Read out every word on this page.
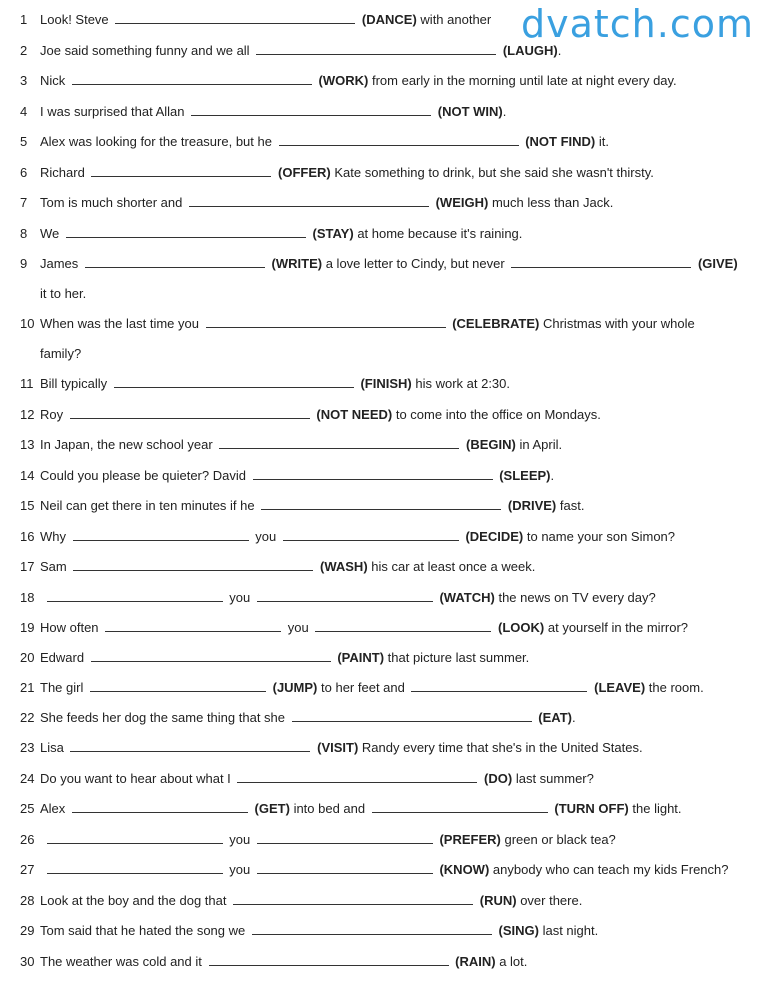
dvatch.com
1 Look! Steve	(DANCE) with another
2 Joe said something funny and we all	(LAUGH).
3 Nick	(WORK) from early in the morning until late at night every day.
4 I was surprised that Allan	(NOT WIN).
5 Alex was looking for the treasure, but he	(NOT FIND) it.
6 Richard	(OFFER) Kate something to drink, but she said she wasn't thirsty.
7 Tom is much shorter and	(WEIGH) much less than Jack.
8 We	(STAY) at home because it's raining.
9 James	(WRITE) a love letter to Cindy, but never	(GIVE)
it to her.
10 When was the last time you	(CELEBRATE) Christmas with your whole
family?
11 Bill typically	(FINISH) his work at 2:30.
12 Roy	(NOT NEED) to come into the office on Mondays.
13 In Japan, the new school year	(BEGIN) in April.
14 Could you please be quieter? David	(SLEEP).
15 Neil can get there in ten minutes if he	(DRIVE) fast.
16 Why	you	(DECIDE) to name your son Simon?
17 Sam	(WASH) his car at least once a week.
18	you	(WATCH) the news on TV every day?
19 How often	you	(LOOK) at yourself in the mirror?
20 Edward	(PAINT) that picture last summer.
21 The girl	(JUMP) to her feet and	(LEAVE) the room.
22 She feeds her dog the same thing that she	(EAT).
23 Lisa	(VISIT) Randy every time that she's in the United States.
24 Do you want to hear about what I	(DO) last summer?
25 Alex	(GET) into bed and	(TURN OFF) the light.
26	you	(PREFER) green or black tea?
27	you	(KNOW) anybody who can teach my kids French?
28 Look at the boy and the dog that	(RUN) over there.
29 Tom said that he hated the song we	(SING) last night.
30 The weather was cold and it	(RAIN) a lot.
